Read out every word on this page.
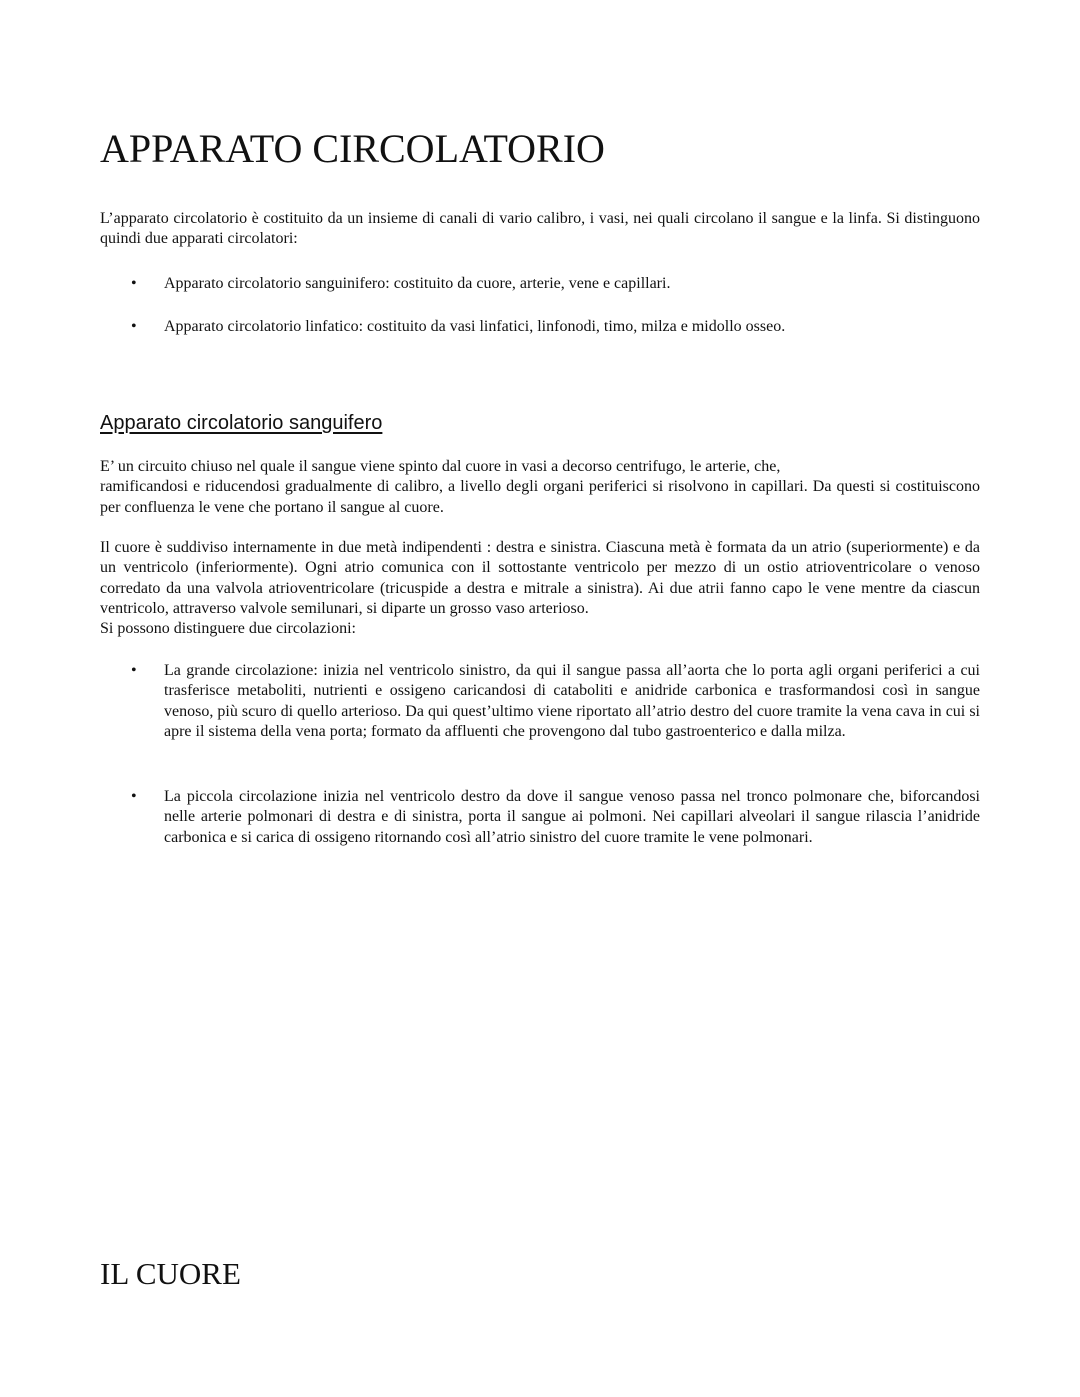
APPARATO CIRCOLATORIO
L’apparato circolatorio è costituito da un insieme di canali di vario calibro, i vasi, nei quali circolano il sangue e la linfa. Si distinguono quindi due apparati circolatori:
• Apparato circolatorio sanguinifero: costituito da cuore, arterie, vene e capillari.
• Apparato circolatorio linfatico: costituito da vasi linfatici, linfonodi, timo, milza e midollo osseo.
Apparato circolatorio sanguifero
E’ un circuito chiuso nel quale il sangue viene spinto dal cuore in vasi a decorso centrifugo, le arterie, che,
ramificandosi e riducendosi gradualmente di calibro, a livello degli organi periferici si risolvono in capillari. Da questi si costituiscono per confluenza le vene che portano il sangue al cuore.
Il cuore è suddiviso internamente in due metà indipendenti : destra e sinistra. Ciascuna metà è formata da un atrio (superiormente) e da un ventricolo (inferiormente). Ogni atrio comunica con il sottostante ventricolo per mezzo di un ostio atrioventricolare o venoso corredato da una valvola atrioventricolare (tricuspide a destra e mitrale a sinistra). Ai due atrii fanno capo le vene mentre da ciascun ventricolo, attraverso valvole semilunari, si diparte un grosso vaso arterioso.
Si possono distinguere due circolazioni:
• La grande circolazione: inizia nel ventricolo sinistro, da qui il sangue passa all’aorta che lo porta agli organi periferici a cui trasferisce metaboliti, nutrienti e ossigeno caricandosi di cataboliti e anidride carbonica e trasformandosi così in sangue venoso, più scuro di quello arterioso. Da qui quest’ultimo viene riportato all’atrio destro del cuore tramite la vena cava in cui si apre il sistema della vena porta; formato da affluenti che provengono dal tubo gastroenterico e dalla milza.
• La piccola circolazione inizia nel ventricolo destro da dove il sangue venoso passa nel tronco polmonare che, biforcandosi nelle arterie polmonari di destra e di sinistra, porta il sangue ai polmoni. Nei capillari alveolari il sangue rilascia l’anidride carbonica e si carica di ossigeno ritornando così all’atrio sinistro del cuore tramite le vene polmonari.
IL CUORE
